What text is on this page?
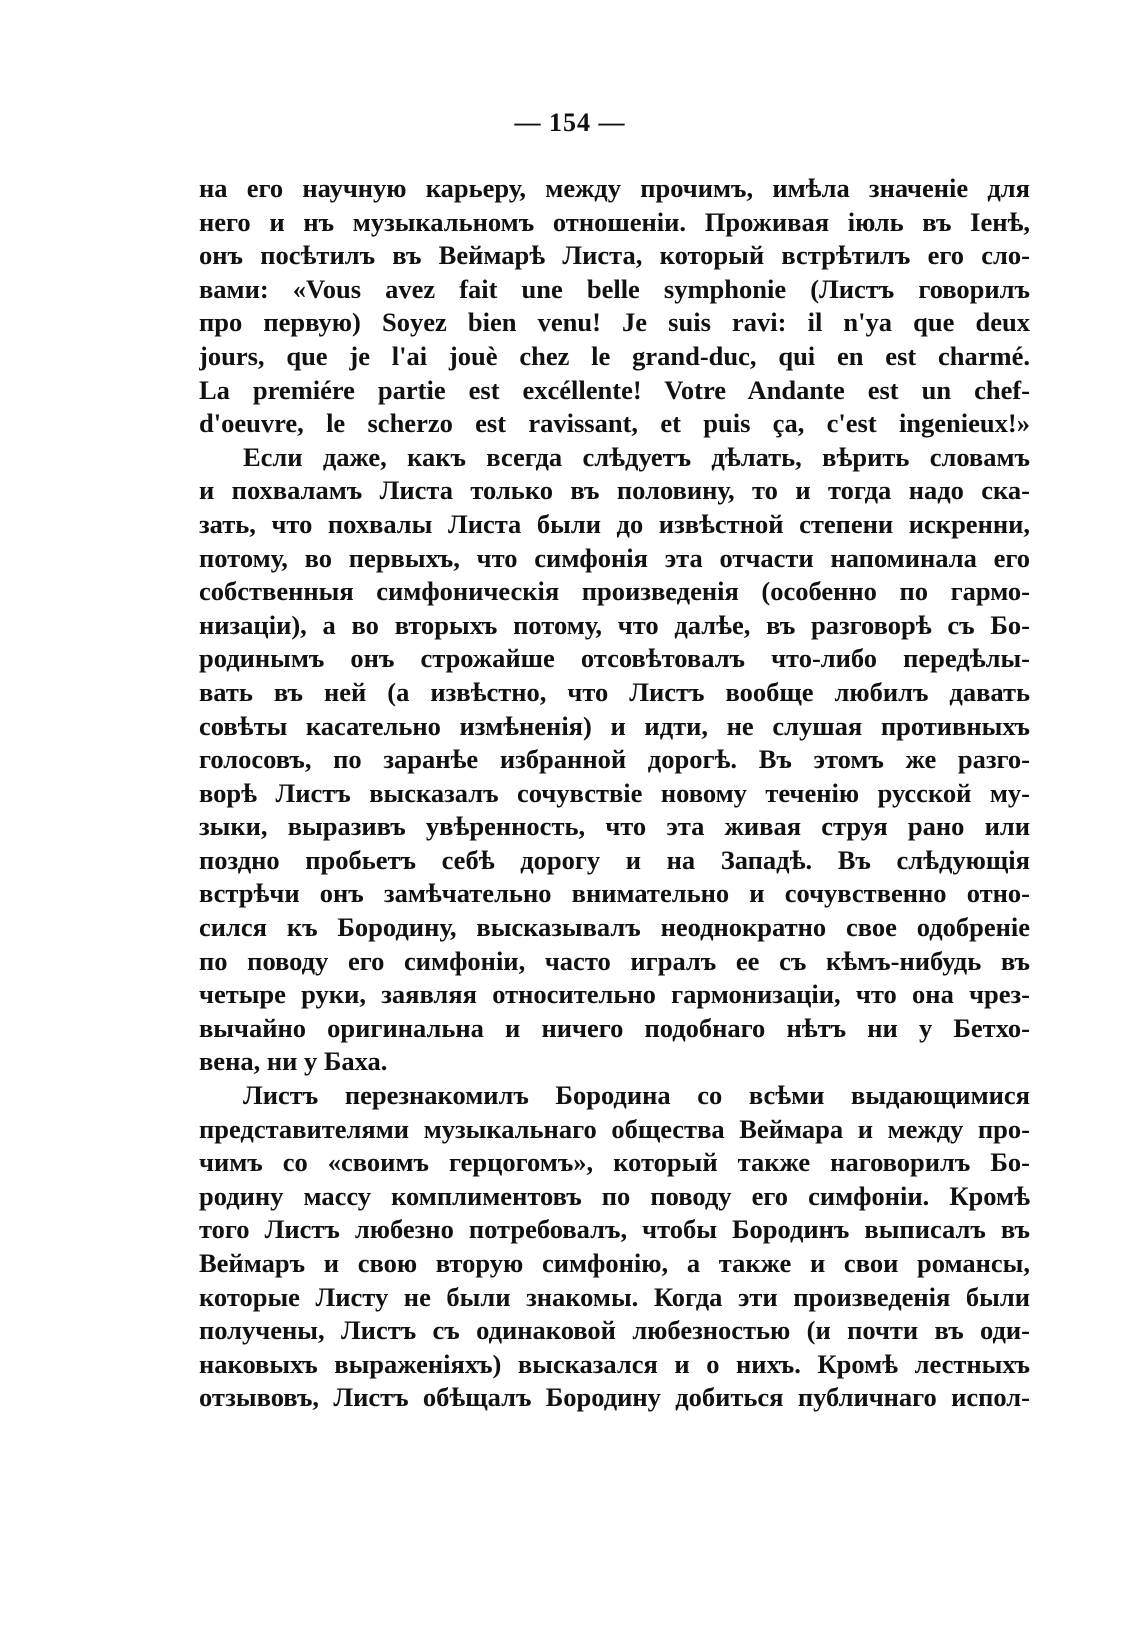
— 154 —
на его научную карьеру, между прочимъ, имѣла значеніе для
него и нъ музыкальномъ отношеніи. Проживая іюль въ Іенѣ,
онъ посѣтилъ въ Веймарѣ Листа, который встрѣтилъ его сло-
вами: «Vous avez fait une belle symphonie (Листъ говорилъ
про первую) Soyez bien venu! Je suis ravi: il n'ya que deux
jours, que je l'ai jouè chez le grand-duc, qui en est charmé.
La premiére partie est excéllente! Votre Andante est un chef-
d'oeuvre, le scherzo est ravissant, et puis ça, c'est ingenieux!»
Если даже, какъ всегда слѣдуетъ дѣлать, вѣрить словамъ
и похваламъ Листа только въ половину, то и тогда надо ска-
зать, что похвалы Листа были до извѣстной степени искренни,
потому, во первыхъ, что симфонія эта отчасти напоминала его
собственныя симфоническія произведенія (особенно по гармо-
низаціи), а во вторыхъ потому, что далѣе, въ разговорѣ съ Бо-
родинымъ онъ строжайше отсовѣтовалъ что-либо передѣлы-
вать въ ней (а извѣстно, что Листъ вообще любилъ давать
совѣты касательно измѣненія) и идти, не слушая противныхъ
голосовъ, по заранѣе избранной дорогѣ. Въ этомъ же разго-
ворѣ Листъ высказалъ сочувствіе новому теченію русской му-
зыки, выразивъ увѣренность, что эта живая струя рано или
поздно пробьетъ себѣ дорогу и на Западѣ. Въ слѣдующія
встрѣчи онъ замѣчательно внимательно и сочувственно отно-
сился къ Бородину, высказывалъ неоднократно свое одобреніе
по поводу его симфоніи, часто игралъ ее съ кѣмъ-нибудь въ
четыре руки, заявляя относительно гармонизаціи, что она чрез-
вычайно оригинальна и ничего подобнаго нѣтъ ни у Бетхо-
вена, ни у Баха.
Листъ перезнакомилъ Бородина со всѣми выдающимися
представителями музыкальнаго общества Веймара и между про-
чимъ со «своимъ герцогомъ», который также наговорилъ Бо-
родину массу комплиментовъ по поводу его симфоніи. Кромѣ
того Листъ любезно потребовалъ, чтобы Бородинъ выписалъ въ
Веймаръ и свою вторую симфонію, а также и свои романсы,
которые Листу не были знакомы. Когда эти произведенія были
получены, Листъ съ одинаковой любезностью (и почти въ оди-
наковыхъ выраженіяхъ) высказался и о нихъ. Кромѣ лестныхъ
отзывовъ, Листъ обѣщалъ Бородину добиться публичнаго испол-
